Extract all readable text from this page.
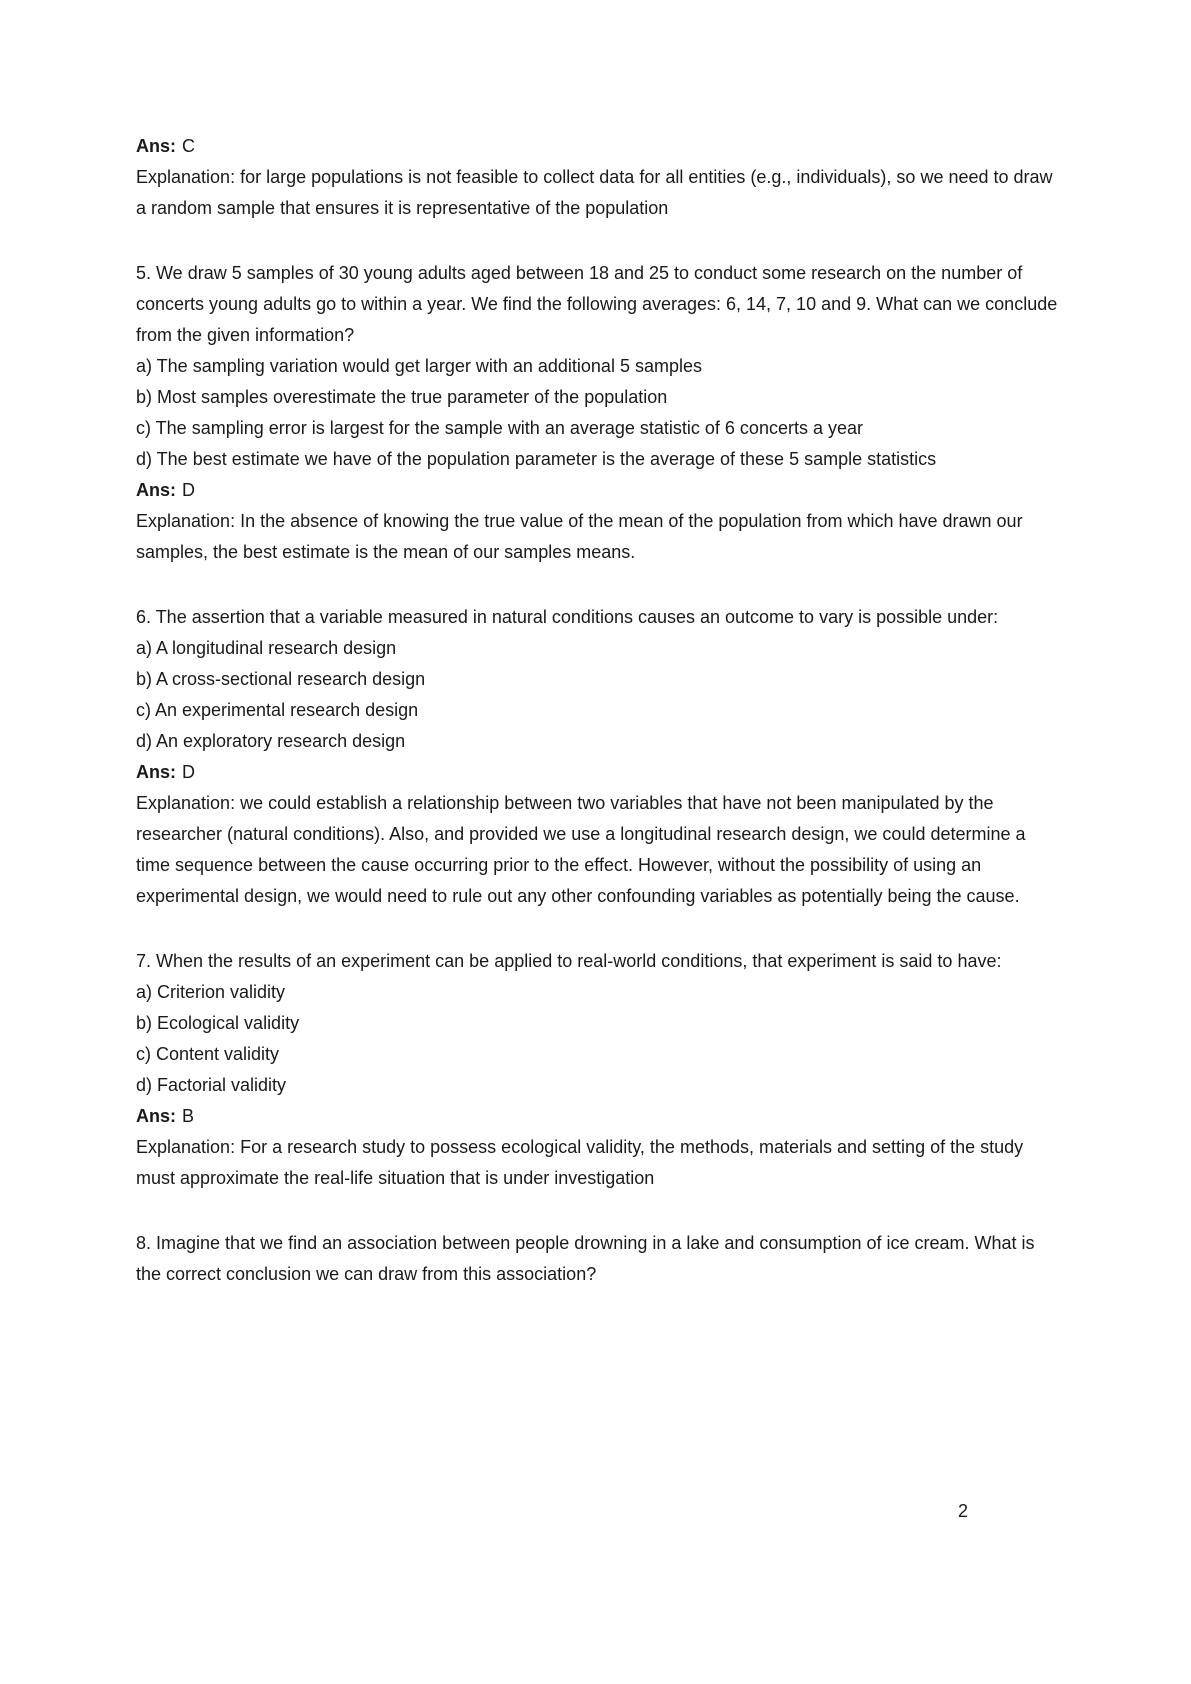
Ans: C

Explanation: for large populations is not feasible to collect data for all entities (e.g., individuals), so we need to draw a random sample that ensures it is representative of the population

5. We draw 5 samples of 30 young adults aged between 18 and 25 to conduct some research on the number of concerts young adults go to within a year. We find the following averages: 6, 14, 7, 10 and 9. What can we conclude from the given information?

a) The sampling variation would get larger with an additional 5 samples

b) Most samples overestimate the true parameter of the population

c) The sampling error is largest for the sample with an average statistic of 6 concerts a year

d) The best estimate we have of the population parameter is the average of these 5 sample statistics

Ans: D

Explanation: In the absence of knowing the true value of the mean of the population from which have drawn our samples, the best estimate is the mean of our samples means.

6. The assertion that a variable measured in natural conditions causes an outcome to vary is possible under:

a) A longitudinal research design

b) A cross-sectional research design

c) An experimental research design

d) An exploratory research design

Ans: D

Explanation: we could establish a relationship between two variables that have not been manipulated by the researcher (natural conditions). Also, and provided we use a longitudinal research design, we could determine a time sequence between the cause occurring prior to the effect. However, without the possibility of using an experimental design, we would need to rule out any other confounding variables as potentially being the cause.

7. When the results of an experiment can be applied to real-world conditions, that experiment is said to have:

a) Criterion validity

b) Ecological validity

c) Content validity

d) Factorial validity

Ans: B

Explanation: For a research study to possess ecological validity, the methods, materials and setting of the study must approximate the real-life situation that is under investigation

8. Imagine that we find an association between people drowning in a lake and consumption of ice cream. What is the correct conclusion we can draw from this association?

2
